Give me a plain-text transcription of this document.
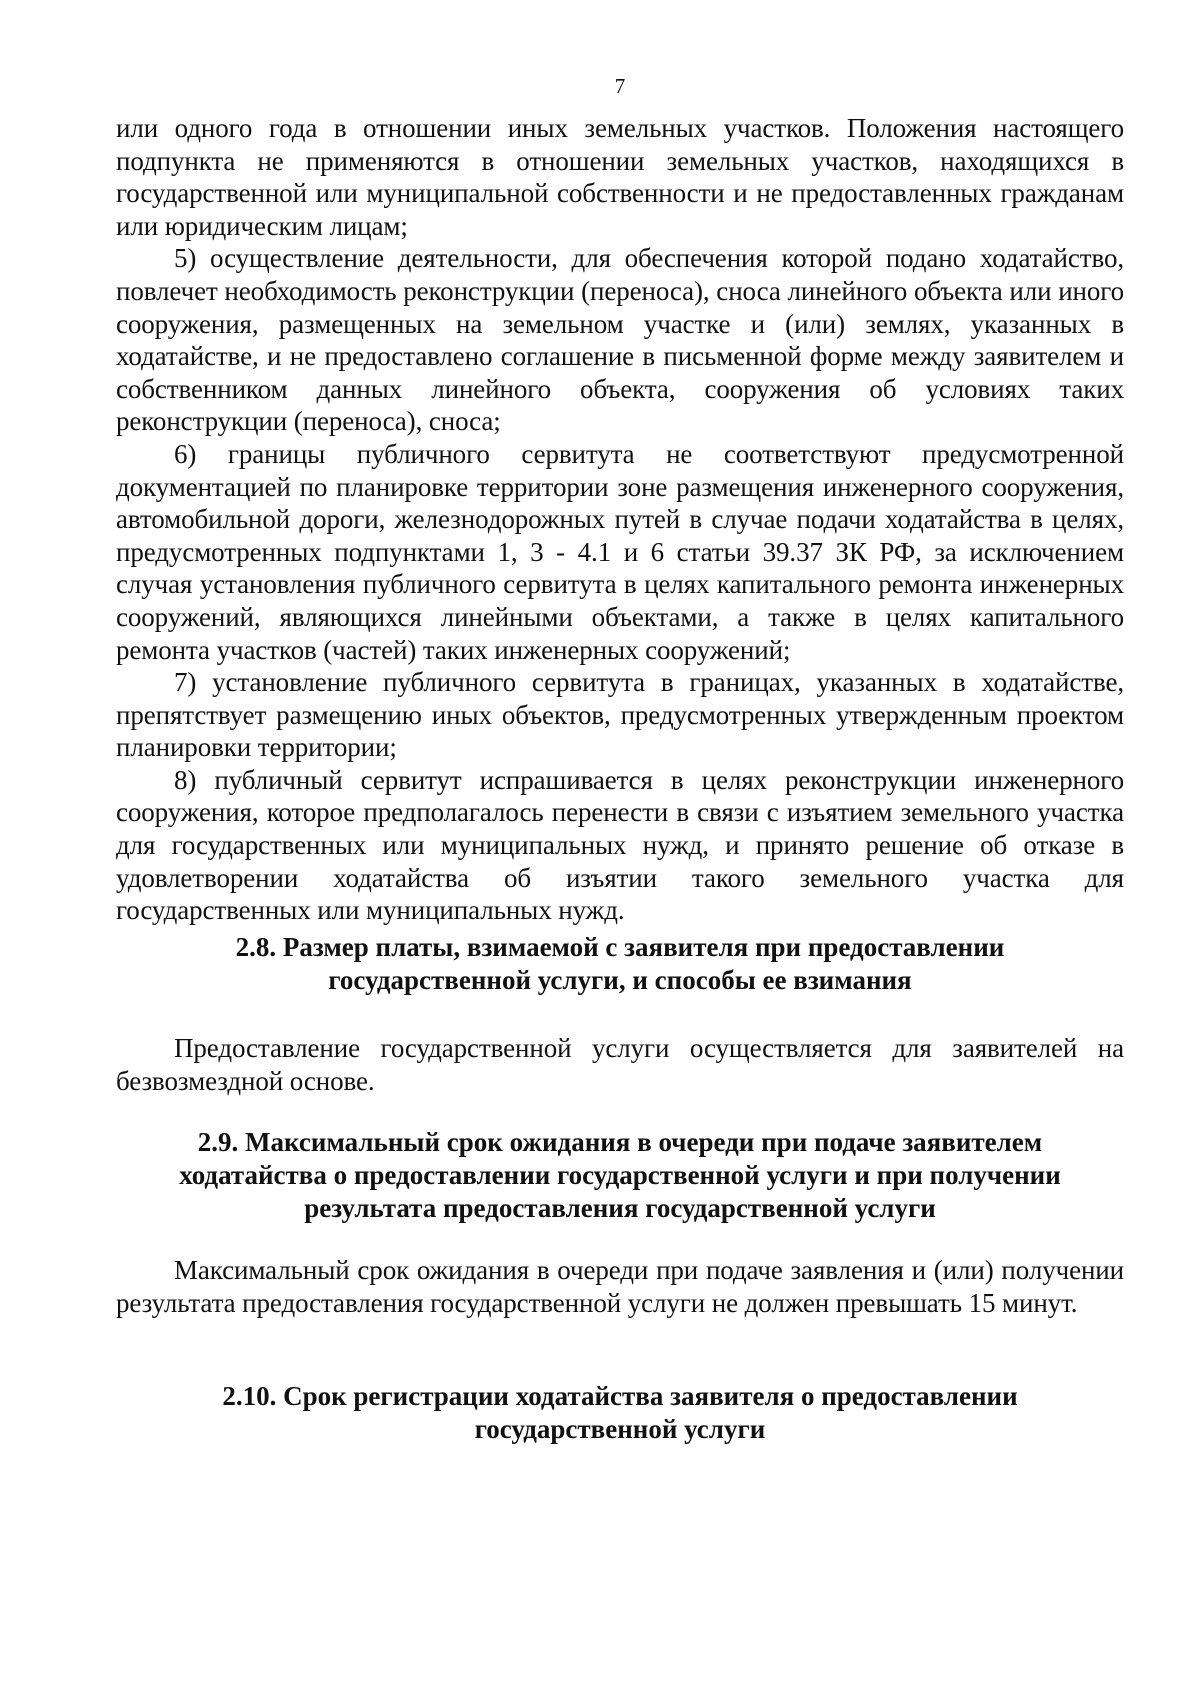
7

или одного года в отношении иных земельных участков. Положения настоящего подпункта не применяются в отношении земельных участков, находящихся в государственной или муниципальной собственности и не предоставленных гражданам или юридическим лицам;

5) осуществление деятельности, для обеспечения которой подано ходатайство, повлечет необходимость реконструкции (переноса), сноса линейного объекта или иного сооружения, размещенных на земельном участке и (или) землях, указанных в ходатайстве, и не предоставлено соглашение в письменной форме между заявителем и собственником данных линейного объекта, сооружения об условиях таких реконструкции (переноса), сноса;

6) границы публичного сервитута не соответствуют предусмотренной документацией по планировке территории зоне размещения инженерного сооружения, автомобильной дороги, железнодорожных путей в случае подачи ходатайства в целях, предусмотренных подпунктами 1, 3 - 4.1 и 6 статьи 39.37 ЗК РФ, за исключением случая установления публичного сервитута в целях капитального ремонта инженерных сооружений, являющихся линейными объектами, а также в целях капитального ремонта участков (частей) таких инженерных сооружений;

7) установление публичного сервитута в границах, указанных в ходатайстве, препятствует размещению иных объектов, предусмотренных утвержденным проектом планировки территории;

8) публичный сервитут испрашивается в целях реконструкции инженерного сооружения, которое предполагалось перенести в связи с изъятием земельного участка для государственных или муниципальных нужд, и принято решение об отказе в удовлетворении ходатайства об изъятии такого земельного участка для государственных или муниципальных нужд.

2.8. Размер платы, взимаемой с заявителя при предоставлении
государственной услуги, и способы ее взимания

Предоставление государственной услуги осуществляется для заявителей на безвозмездной основе.

2.9. Максимальный срок ожидания в очереди при подаче заявителем
ходатайства о предоставлении государственной услуги и при получении
результата предоставления государственной услуги

Максимальный срок ожидания в очереди при подаче заявления и (или) получении результата предоставления государственной услуги не должен превышать 15 минут.

2.10. Срок регистрации ходатайства заявителя о предоставлении
государственной услуги
